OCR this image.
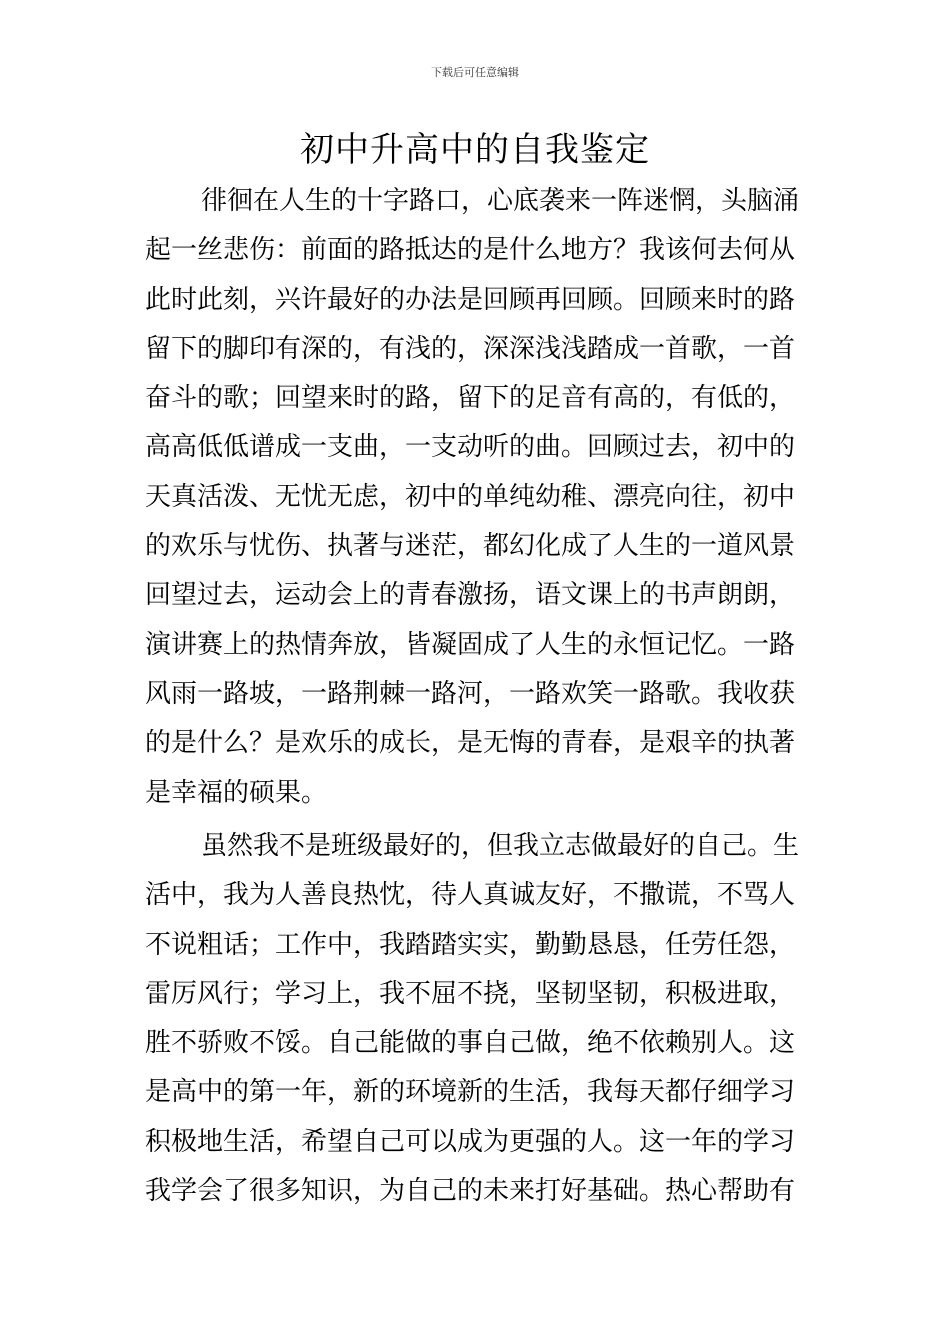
下载后可任意编辑
初中升高中的自我鉴定
徘徊在人生的十字路口，心底袭来一阵迷惘，头脑涌
起一丝悲伤：前面的路抵达的是什么地方？我该何去何从
此时此刻，兴许最好的办法是回顾再回顾。回顾来时的路
留下的脚印有深的，有浅的，深深浅浅踏成一首歌，一首
奋斗的歌；回望来时的路，留下的足音有高的，有低的，
高高低低谱成一支曲，一支动听的曲。回顾过去，初中的
天真活泼、无忧无虑，初中的单纯幼稚、漂亮向往，初中
的欢乐与忧伤、执著与迷茫，都幻化成了人生的一道风景
回望过去，运动会上的青春激扬，语文课上的书声朗朗，
演讲赛上的热情奔放，皆凝固成了人生的永恒记忆。一路
风雨一路坡，一路荆棘一路河，一路欢笑一路歌。我收获
的是什么？是欢乐的成长，是无悔的青春，是艰辛的执著
是幸福的硕果。
虽然我不是班级最好的，但我立志做最好的自己。生
活中，我为人善良热忱，待人真诚友好，不撒谎，不骂人
不说粗话；工作中，我踏踏实实，勤勤恳恳，任劳任怨，
雷厉风行；学习上，我不屈不挠，坚韧坚韧，积极进取，
胜不骄败不馁。自己能做的事自己做，绝不依赖别人。这
是高中的第一年，新的环境新的生活，我每天都仔细学习
积极地生活，希望自己可以成为更强的人。这一年的学习
我学会了很多知识，为自己的未来打好基础。热心帮助有
